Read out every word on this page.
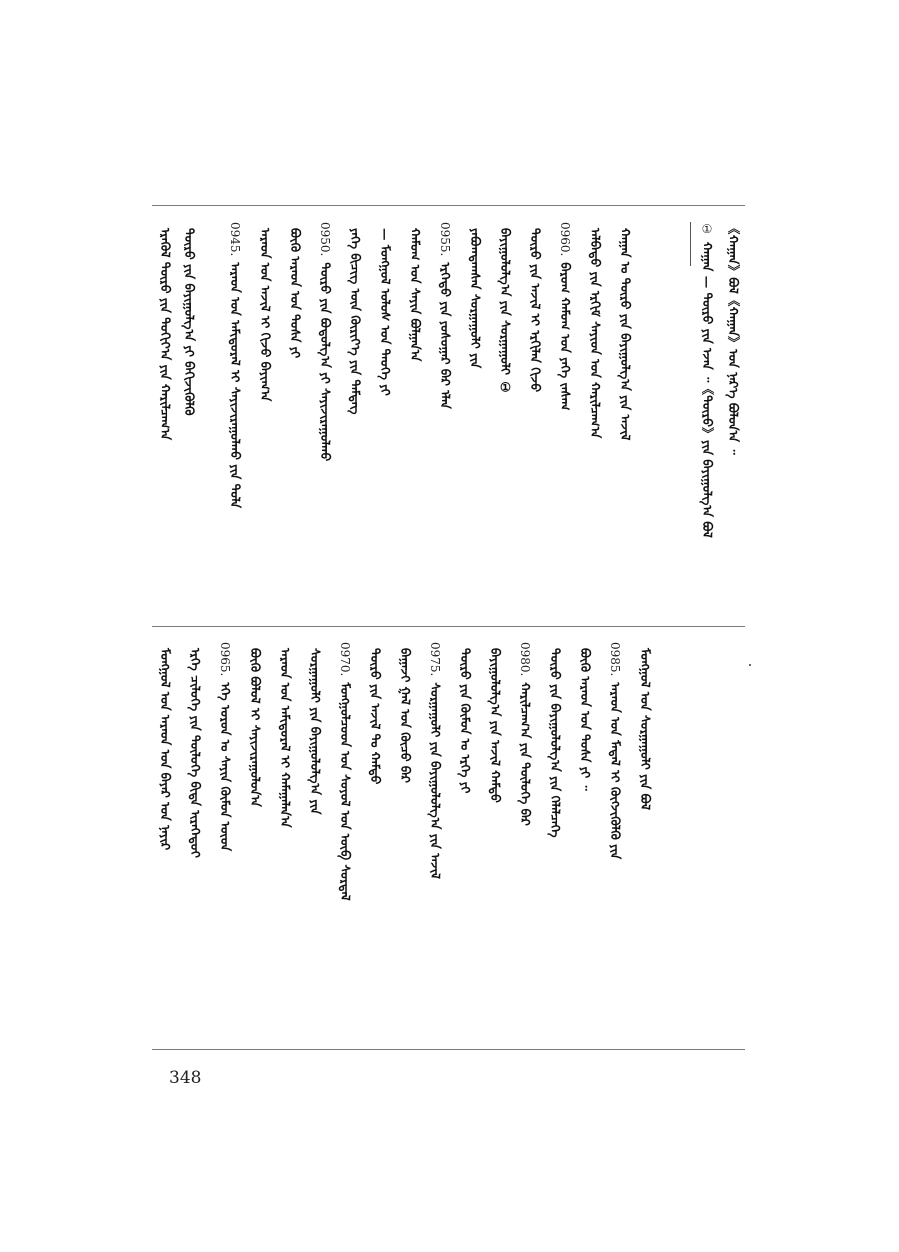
ᠡᠷᠡᠭᠦᠯ ᠲᠦᠷᠦ ᠶᠢᠨ ᠲᠣᠬᠢᠶ᠎ᠠ ᠶᠢᠨ ᠬᠠᠷᠢᠯᠴᠠᠭ᠎ᠠ ᠲᠥᠷᠥ ᠶᠢᠨ ᠪᠠᠶᠢᠭᠤᠯᠭ᠎ᠠ ᠶᠢ ᠪᠡᠬᠢᠵᠢᠭᠦᠯᠬᠦ	0945.ᠠᠷᠠᠳ ᠤᠨ ᠠᠮᠢᠳᠤᠷᠠᠯ ᠢ ᠰᠠᠶᠢᠵᠢᠷᠠᠭᠤᠯᠬᠤ ᠶᠢᠨ ᠲᠤᠯᠠ ᠠᠷᠠᠳ ᠤᠨ ᠠᠵᠢᠯ ᠢ ᠬᠢᠵᠦ ᠪᠠᠶᠢᠭ᠎ᠠ ᠪᠦᠬᠦ ᠠᠷᠠᠳ ᠤᠨ ᠲᠤᠰᠠ ᠶᠢ 0950.ᠲᠥᠷᠥ ᠶᠢᠨ ᠪᠣᠳᠣᠯᠭ᠎ᠠ ᠶᠢ ᠰᠠᠶᠢᠵᠢᠷᠠᠭᠤᠯᠬᠤ ᠶᠡᠬᠡ ᠪᠢᠴᠢᠭ ᠦᠨ ᠬᠦᠷᠢᠶ᠎ᠡ ᠶᠢᠨ ᠲᠡᠮᠳᠡᠭ — ᠮᠣᠩᠭᠣᠯ ᠤᠯᠤᠰ ᠤᠨ ᠲᠡᠦᠬᠡ ᠶᠢ ᠬᠠᠮᠤᠭ ᠤᠨ ᠰᠠᠶᠢᠨ ᠪᠣᠯᠭᠠᠨ᠎ᠠ 0955.ᠡᠷᠬᠡᠲᠦ ᠶᠢᠨ ᠶᠣᠰᠤᠭᠠᠷ ᠪᠠᠷ ᠡᠯᠡᠨ ᠶᠠᠪᠤᠭᠳᠠᠭᠰᠠᠨ ᠰᠤᠷᠭᠠᠭᠤᠯᠢ ᠶᠢᠨ ᠪᠠᠶᠢᠭᠤᠯᠤᠯᠭ᠎ᠠ ᠶᠢᠨ ᠰᠤᠷᠭᠠᠭᠤᠯᠢ ① ᠲᠦᠷᠦ ᠶᠢᠨ ᠠᠵᠢᠯ ᠢ ᠡᠷᠬᠢᠯᠡᠨ ᠬᠢᠵᠦ 0960.ᠪᠠᠷᠤᠭ ᠬᠠᠮᠤᠭ ᠤᠨ ᠶᠡᠬᠡ ᠵᠠᠰᠠᠭ ᠠᠯᠪᠠᠲᠤ ᠶᠢᠨ ᠡᠷᠬᠢᠮ ᠰᠠᠶᠢᠳ ᠤᠨ ᠬᠠᠷᠢᠯᠴᠠᠭ᠎ᠠ ᠬᠠᠭᠠᠨ ᠤ ᠲᠥᠷᠥ ᠶᠢᠨ ᠪᠠᠶᠢᠭᠤᠯᠭ᠎ᠠ ᠶᠢᠨ ᠠᠵᠢᠯ	①ᠬᠠᠭᠠᠨ — ᠲᠥᠷᠥ ᠶᠢᠨ ᠡᠵᠡᠨ ᠃《ᠲᠥᠷᠥ》ᠶᠢᠨ ᠪᠠᠶᠢᠭᠤᠯᠭ᠎ᠠ ᠪᠣᠯ 《ᠬᠠᠭᠠᠨ》ᠪᠣᠯ《ᠬᠠᠭᠠᠨ》ᠤᠨ ᠨᠡᠷ᠎ᠡ ᠪᠣᠯᠤᠨ᠎ᠠ ᠃
ᠮᠣᠩᠭᠣᠯ ᠤᠨ ᠠᠷᠠᠳ ᠤᠨ ᠪᠠᠶᠠᠷ ᠤᠨ ᠨᠠᠶᠢᠷ ᠡᠷᠬᠡ ᠴᠢᠯᠦᠭᠡ ᠶᠢᠨ ᠲᠥᠯᠦᠭᠡ ᠪᠢᠳᠡ ᠢᠷᠡᠭᠡᠳᠦᠢ 0965.ᠡᠬᠡ ᠣᠷᠣᠨ ᠤ ᠰᠠᠶᠢᠨ ᠬᠦᠮᠦᠨ ᠦᠳ ᠪᠦᠬᠦ ᠪᠣᠯᠤᠯ ᠢ ᠰᠠᠶᠢᠵᠢᠷᠠᠭᠤᠯᠤᠨ᠎ᠠ ᠠᠷᠠᠳ ᠤᠨ ᠠᠮᠢᠳᠤᠷᠠᠯ ᠢ ᠬᠠᠮᠠᠭᠠᠯᠠᠨ᠎ᠠ ᠰᠤᠷᠭᠠᠭᠤᠯᠢ ᠶᠢᠨ ᠪᠠᠶᠢᠭᠤᠯᠤᠯᠭ᠎ᠠ ᠶᠢᠨ 0970.ᠮᠣᠩᠭᠣᠯᠴᠤᠳ ᠤᠨ ᠰᠣᠶᠣᠯ ᠤᠨ ᠦᠪ ᠰᠤᠷᠲᠠᠯ ᠲᠦᠷᠦ ᠶᠢᠨ ᠠᠵᠢᠯ ᠲᠤ ᠬᠠᠮᠲᠤ ᠪᠠᠭᠠᠵᠢ ᠭᠠᠯ ᠤᠨ ᠬᠦᠴᠦ ᠪᠡᠷ 0975.ᠰᠤᠷᠭᠠᠭᠤᠯᠢ ᠶᠢᠨ ᠪᠠᠶᠢᠭᠤᠯᠤᠯᠭ᠎ᠠ ᠶᠢᠨ ᠠᠵᠢᠯ ᠲᠥᠷᠥ ᠶᠢᠨ ᠬᠦᠮᠦᠨ ᠤ ᠡᠷᠬᠡ ᠶᠢ ᠪᠠᠶᠢᠭᠤᠯᠤᠯᠭ᠎ᠠ ᠶᠢᠨ ᠠᠵᠢᠯ ᠬᠠᠮᠲᠤ 0980.ᠬᠠᠷᠢᠯᠴᠠᠭ᠎ᠠ ᠶᠢᠨ ᠲᠥᠯᠦᠭᠡ ᠪᠠᠷ ᠲᠥᠷᠥ ᠶᠢᠨ ᠪᠠᠶᠢᠭᠤᠯᠤᠯᠭ᠎ᠠ ᠶᠢᠨ ᠬᠡᠯᠡᠯᠴᠡᠭᠡ ᠪᠦᠬᠦ ᠠᠷᠠᠳ ᠤᠨ ᠲᠤᠰᠠ ᠶᠢ ᠃ 0985.ᠠᠷᠠᠳ ᠤᠨ ᠮᠡᠳᠡᠯ ᠢ ᠬᠥᠭᠵᠢᠭᠦᠯᠬᠦ ᠶᠢᠨ ᠮᠣᠩᠭᠣᠯ ᠤᠨ ᠰᠤᠷᠭᠠᠭᠤᠯᠢ ᠶᠢᠨ ᠪᠣᠯ
348
